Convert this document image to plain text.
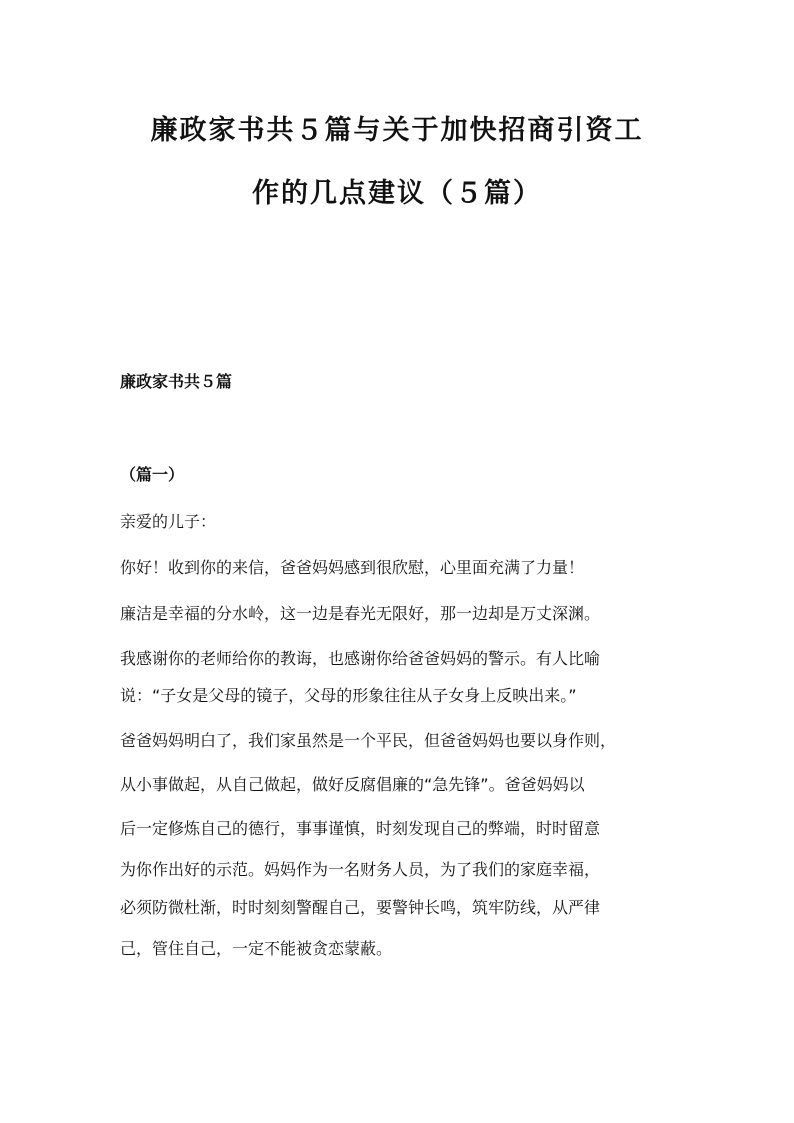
廉政家书共５篇与关于加快招商引资工
作的几点建议（５篇）
廉政家书共５篇
（篇一）
亲爱的儿子：
你好！收到你的来信，爸爸妈妈感到很欣慰，心里面充满了力量！
廉洁是幸福的分水岭，这一边是春光无限好，那一边却是万丈深渊。
我感谢你的老师给你的教诲，也感谢你给爸爸妈妈的警示。有人比喻
说：“子女是父母的镜子，父母的形象往往从子女身上反映出来。”
爸爸妈妈明白了，我们家虽然是一个平民，但爸爸妈妈也要以身作则，
从小事做起，从自己做起，做好反腐倡廉的“急先锋”。爸爸妈妈以
后一定修炼自己的德行，事事谨慎，时刻发现自己的弊端，时时留意
为你作出好的示范。妈妈作为一名财务人员，为了我们的家庭幸福，
必须防微杜渐，时时刻刻警醒自己，要警钟长鸣，筑牢防线，从严律
己，管住自己，一定不能被贪恋蒙蔽。
